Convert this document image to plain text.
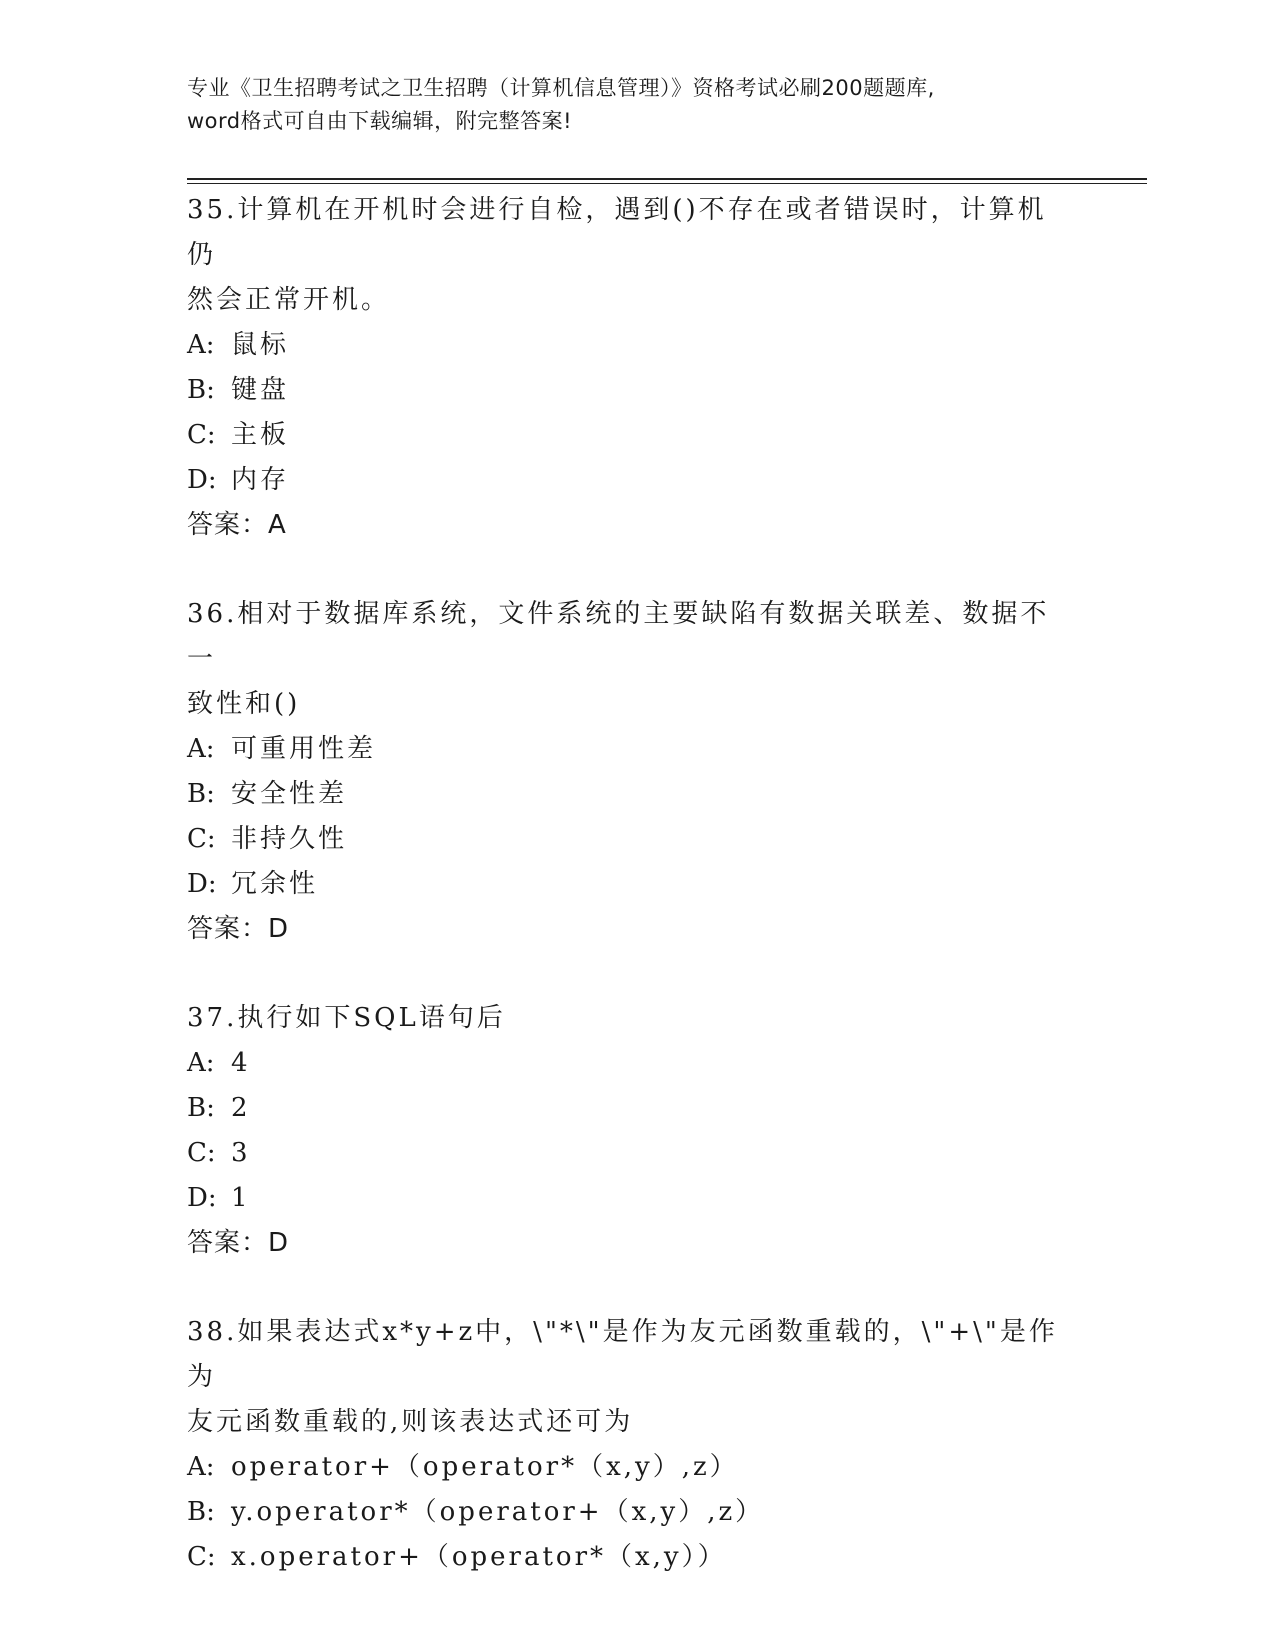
专业《卫生招聘考试之卫生招聘（计算机信息管理）》资格考试必刷200题题库,
word格式可自由下载编辑，附完整答案!
35.计算机在开机时会进行自检，遇到()不存在或者错误时，计算机仍
然会正常开机。
A: 鼠标
B: 键盘
C: 主板
D: 内存
答案：A
36.相对于数据库系统，文件系统的主要缺陷有数据关联差、数据不一
致性和()
A: 可重用性差
B: 安全性差
C: 非持久性
D: 冗余性
答案：D
37.执行如下SQL语句后
A: 4
B: 2
C: 3
D: 1
答案：D
38.如果表达式x*y+z中，\"*\"是作为友元函数重载的，\"+\"是作为
友元函数重载的,则该表达式还可为
A: operator+（operator*（x,y）,z）
B: y.operator*（operator+（x,y）,z）
C: x.operator+（operator*（x,y））
